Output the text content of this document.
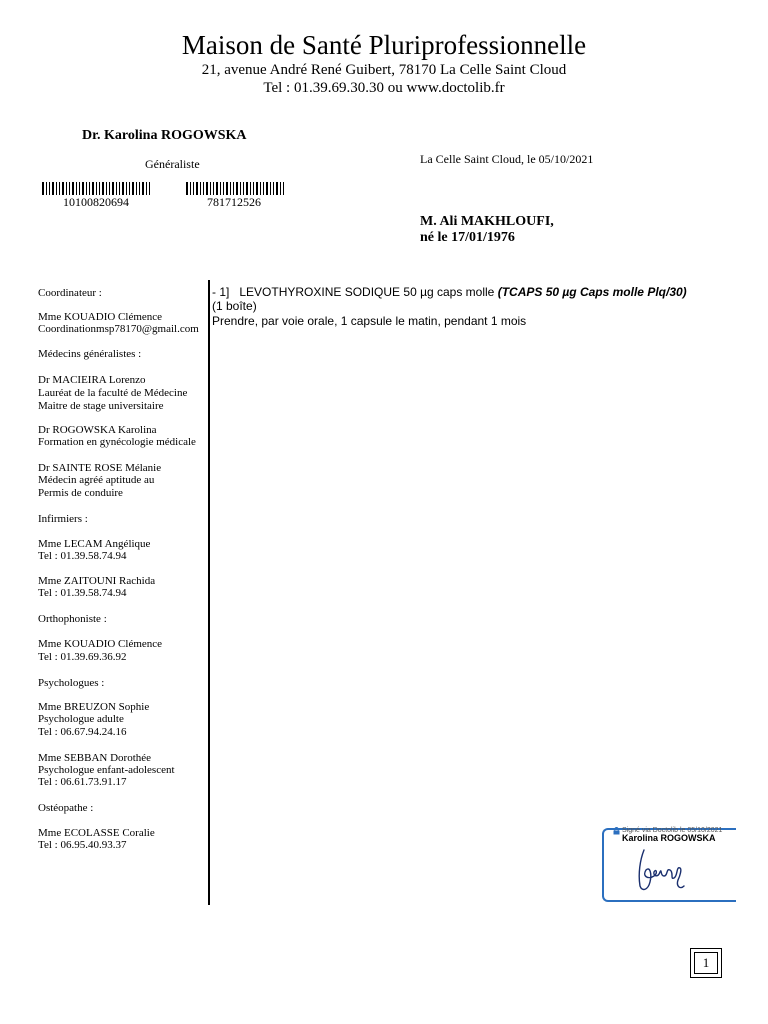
Maison de Santé Pluriprofessionnelle
21, avenue André René Guibert, 78170 La Celle Saint Cloud
Tel : 01.39.69.30.30 ou www.doctolib.fr
Dr. Karolina ROGOWSKA
Généraliste	La Celle Saint Cloud, le 05/10/2021
10100820694	781712526
M. Ali MAKHLOUFI,
né le 17/01/1976
Coordinateur :
Mme KOUADIO Clémence
Coordinationmsp78170@gmail.com
Médecins généralistes :
Dr MACIEIRA Lorenzo
Lauréat de la faculté de Médecine
Maitre de stage universitaire
Dr ROGOWSKA Karolina
Formation en gynécologie médicale
Dr SAINTE ROSE Mélanie
Médecin agréé aptitude au
Permis de conduire
Infirmiers :
Mme LECAM Angélique
Tel : 01.39.58.74.94
Mme ZAITOUNI Rachida
Tel : 01.39.58.74.94
Orthophoniste :
Mme KOUADIO Clémence
Tel : 01.39.69.36.92
Psychologues :
Mme BREUZON Sophie
Psychologue adulte
Tel : 06.67.94.24.16
Mme SEBBAN Dorothée
Psychologue enfant-adolescent
Tel : 06.61.73.91.17
Ostéopathe :
Mme ECOLASSE Coralie
Tel : 06.95.40.93.37
- 1] LEVOTHYROXINE SODIQUE 50 µg caps molle (TCAPS 50 µg Caps molle Plq/30)
(1 boîte)
Prendre, par voie orale, 1 capsule le matin, pendant 1 mois
Signé via Doctolib le 05/10/2021
Karolina ROGOWSKA
1
